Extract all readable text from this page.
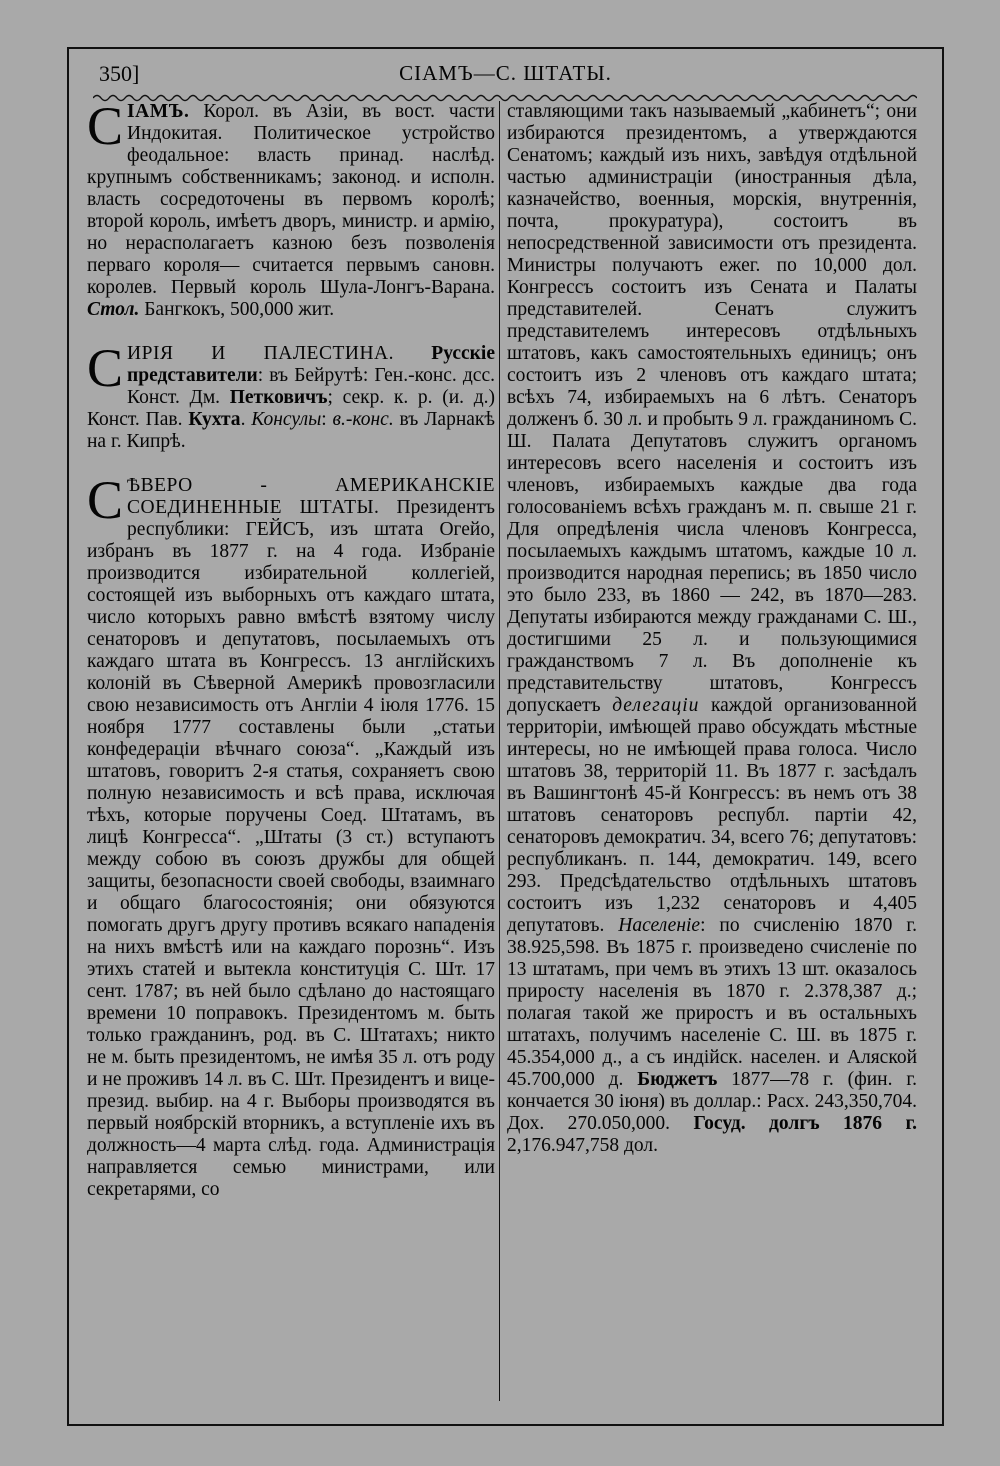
350]	СІАМЪ—С. ШТАТЫ.

СІАМЪ. Корол. въ Азіи, въ вост. части Индокитая. Политическое устройство феодальное: власть принад. наслѣд. крупнымъ собственникамъ; законод. и исполн. власть сосредоточены въ первомъ королѣ; второй король, имѣетъ дворъ, министр. и армію, но нерасполагаетъ казною безъ позволенія перваго короля— считается первымъ сановн. королев. Первый король Шула-Лонгъ-Варана. Стол. Бангкокъ, 500,000 жит.

СИРІЯ И ПАЛЕСТИНА. Русскіе представители: въ Бейрутѣ: Ген.-конс. дсс. Конст. Дм. Петковичъ; секр. к. р. (и. д.) Конст. Пав. Кухта. Консулы: в.-конс. въ Ларнакѣ на г. Кипрѣ.

СѢВЕРО - АМЕРИКАНСКІЕ СОЕДИНЕННЫЕ ШТАТЫ. Президентъ республики: ГЕЙСЪ, изъ штата Огейо, избранъ въ 1877 г. на 4 года. Избраніе производится избирательной коллегіей, состоящей изъ выборныхъ отъ каждаго штата, число которыхъ равно вмѣстѣ взятому числу сенаторовъ и депутатовъ, посылаемыхъ отъ каждаго штата въ Конгрессъ. 13 англійскихъ колоній въ Сѣверной Америкѣ провозгласили свою независимость отъ Англіи 4 іюля 1776. 15 ноября 1777 составлены были „статьи конфедераціи вѣчнаго союза“. „Каждый изъ штатовъ, говоритъ 2-я статья, сохраняетъ свою полную независимость и всѣ права, исключая тѣхъ, которые поручены Соед. Штатамъ, въ лицѣ Конгресса“. „Штаты (3 ст.) вступаютъ между собою въ союзъ дружбы для общей защиты, безопасности своей свободы, взаимнаго и общаго благосостоянія; они обязуются помогать другъ другу противъ всякаго нападенія на нихъ вмѣстѣ или на каждаго порознь“. Изъ этихъ статей и вытекла конституція С. Шт. 17 сент. 1787; въ ней было сдѣлано до настоящаго времени 10 поправокъ. Президентомъ м. быть только гражданинъ, род. въ С. Штатахъ; никто не м. быть президентомъ, не имѣя 35 л. отъ роду и не проживъ 14 л. въ С. Шт. Президентъ и вице-презид. выбир. на 4 г. Выборы производятся въ первый ноябрскій вторникъ, а вступленіе ихъ въ должность—4 марта слѣд. года. Администрація направляется семью министрами, или секретарями, со

ставляющими такъ называемый „кабинетъ“; они избираются президентомъ, а утверждаются Сенатомъ; каждый изъ нихъ, завѣдуя отдѣльной частью администраціи (иностранныя дѣла, казначейство, военныя, морскія, внутреннія, почта, прокуратура), состоитъ въ непосредственной зависимости отъ президента. Министры получаютъ ежег. по 10,000 дол. Конгрессъ состоитъ изъ Сената и Палаты представителей. Сенатъ служитъ представителемъ интересовъ отдѣльныхъ штатовъ, какъ самостоятельныхъ единицъ; онъ состоитъ изъ 2 членовъ отъ каждаго штата; всѣхъ 74, избираемыхъ на 6 лѣтъ. Сенаторъ долженъ б. 30 л. и пробыть 9 л. гражданиномъ С. Ш. Палата Депутатовъ служитъ органомъ интересовъ всего населенія и состоитъ изъ членовъ, избираемыхъ каждые два года голосованіемъ всѣхъ гражданъ м. п. свыше 21 г. Для опредѣленія числа членовъ Конгресса, посылаемыхъ каждымъ штатомъ, каждые 10 л. производится народная перепись; въ 1850 число это было 233, въ 1860 — 242, въ 1870—283. Депутаты избираются между гражданами С. Ш., достигшими 25 л. и пользующимися гражданствомъ 7 л. Въ дополненіе къ представительству штатовъ, Конгрессъ допускаетъ делегаціи каждой организованной территоріи, имѣющей право обсуждать мѣстные интересы, но не имѣющей права голоса. Число штатовъ 38, территорій 11. Въ 1877 г. засѣдалъ въ Вашингтонѣ 45-й Конгрессъ: въ немъ отъ 38 штатовъ сенаторовъ республ. партіи 42, сенаторовъ демократич. 34, всего 76; депутатовъ: республиканъ. п. 144, демократич. 149, всего 293. Предсѣдательство отдѣльныхъ штатовъ состоитъ изъ 1,232 сенаторовъ и 4,405 депутатовъ. Населеніе: по счисленію 1870 г. 38.925,598. Въ 1875 г. произведено счисленіе по 13 штатамъ, при чемъ въ этихъ 13 шт. оказалось приросту населенія въ 1870 г. 2.378,387 д.; полагая такой же приростъ и въ остальныхъ штатахъ, получимъ населеніе С. Ш. въ 1875 г. 45.354,000 д., а съ индійск. населен. и Аляской 45.700,000 д. Бюджетъ 1877—78 г. (фин. г. кончается 30 іюня) въ доллар.: Расх. 243,350,704. Дох. 270.050,000. Госуд. долгъ 1876 г. 2,176.947,758 дол.
